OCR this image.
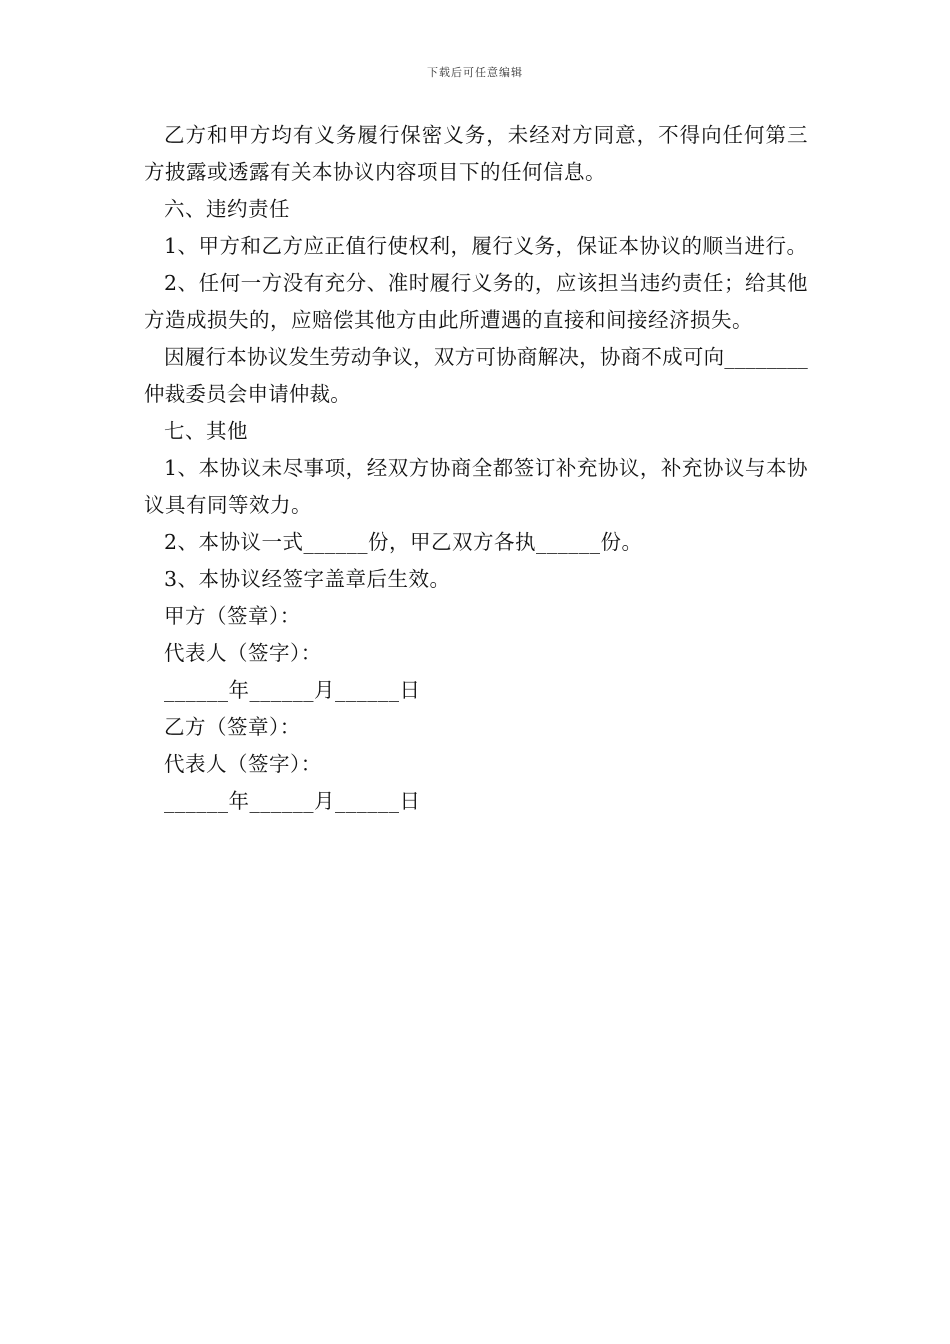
下载后可任意编辑

乙方和甲方均有义务履行保密义务，未经对方同意，不得向任何第三方披露或透露有关本协议内容项目下的任何信息。

六、违约责任

1、甲方和乙方应正值行使权利，履行义务，保证本协议的顺当进行。

2、任何一方没有充分、准时履行义务的，应该担当违约责任；给其他方造成损失的，应赔偿其他方由此所遭遇的直接和间接经济损失。

因履行本协议发生劳动争议，双方可协商解决，协商不成可向________仲裁委员会申请仲裁。

七、其他

1、本协议未尽事项，经双方协商全都签订补充协议，补充协议与本协议具有同等效力。

2、本协议一式______份，甲乙双方各执______份。

3、本协议经签字盖章后生效。

甲方（签章）：

代表人（签字）：

______年______月______日

乙方（签章）：

代表人（签字）：

______年______月______日
